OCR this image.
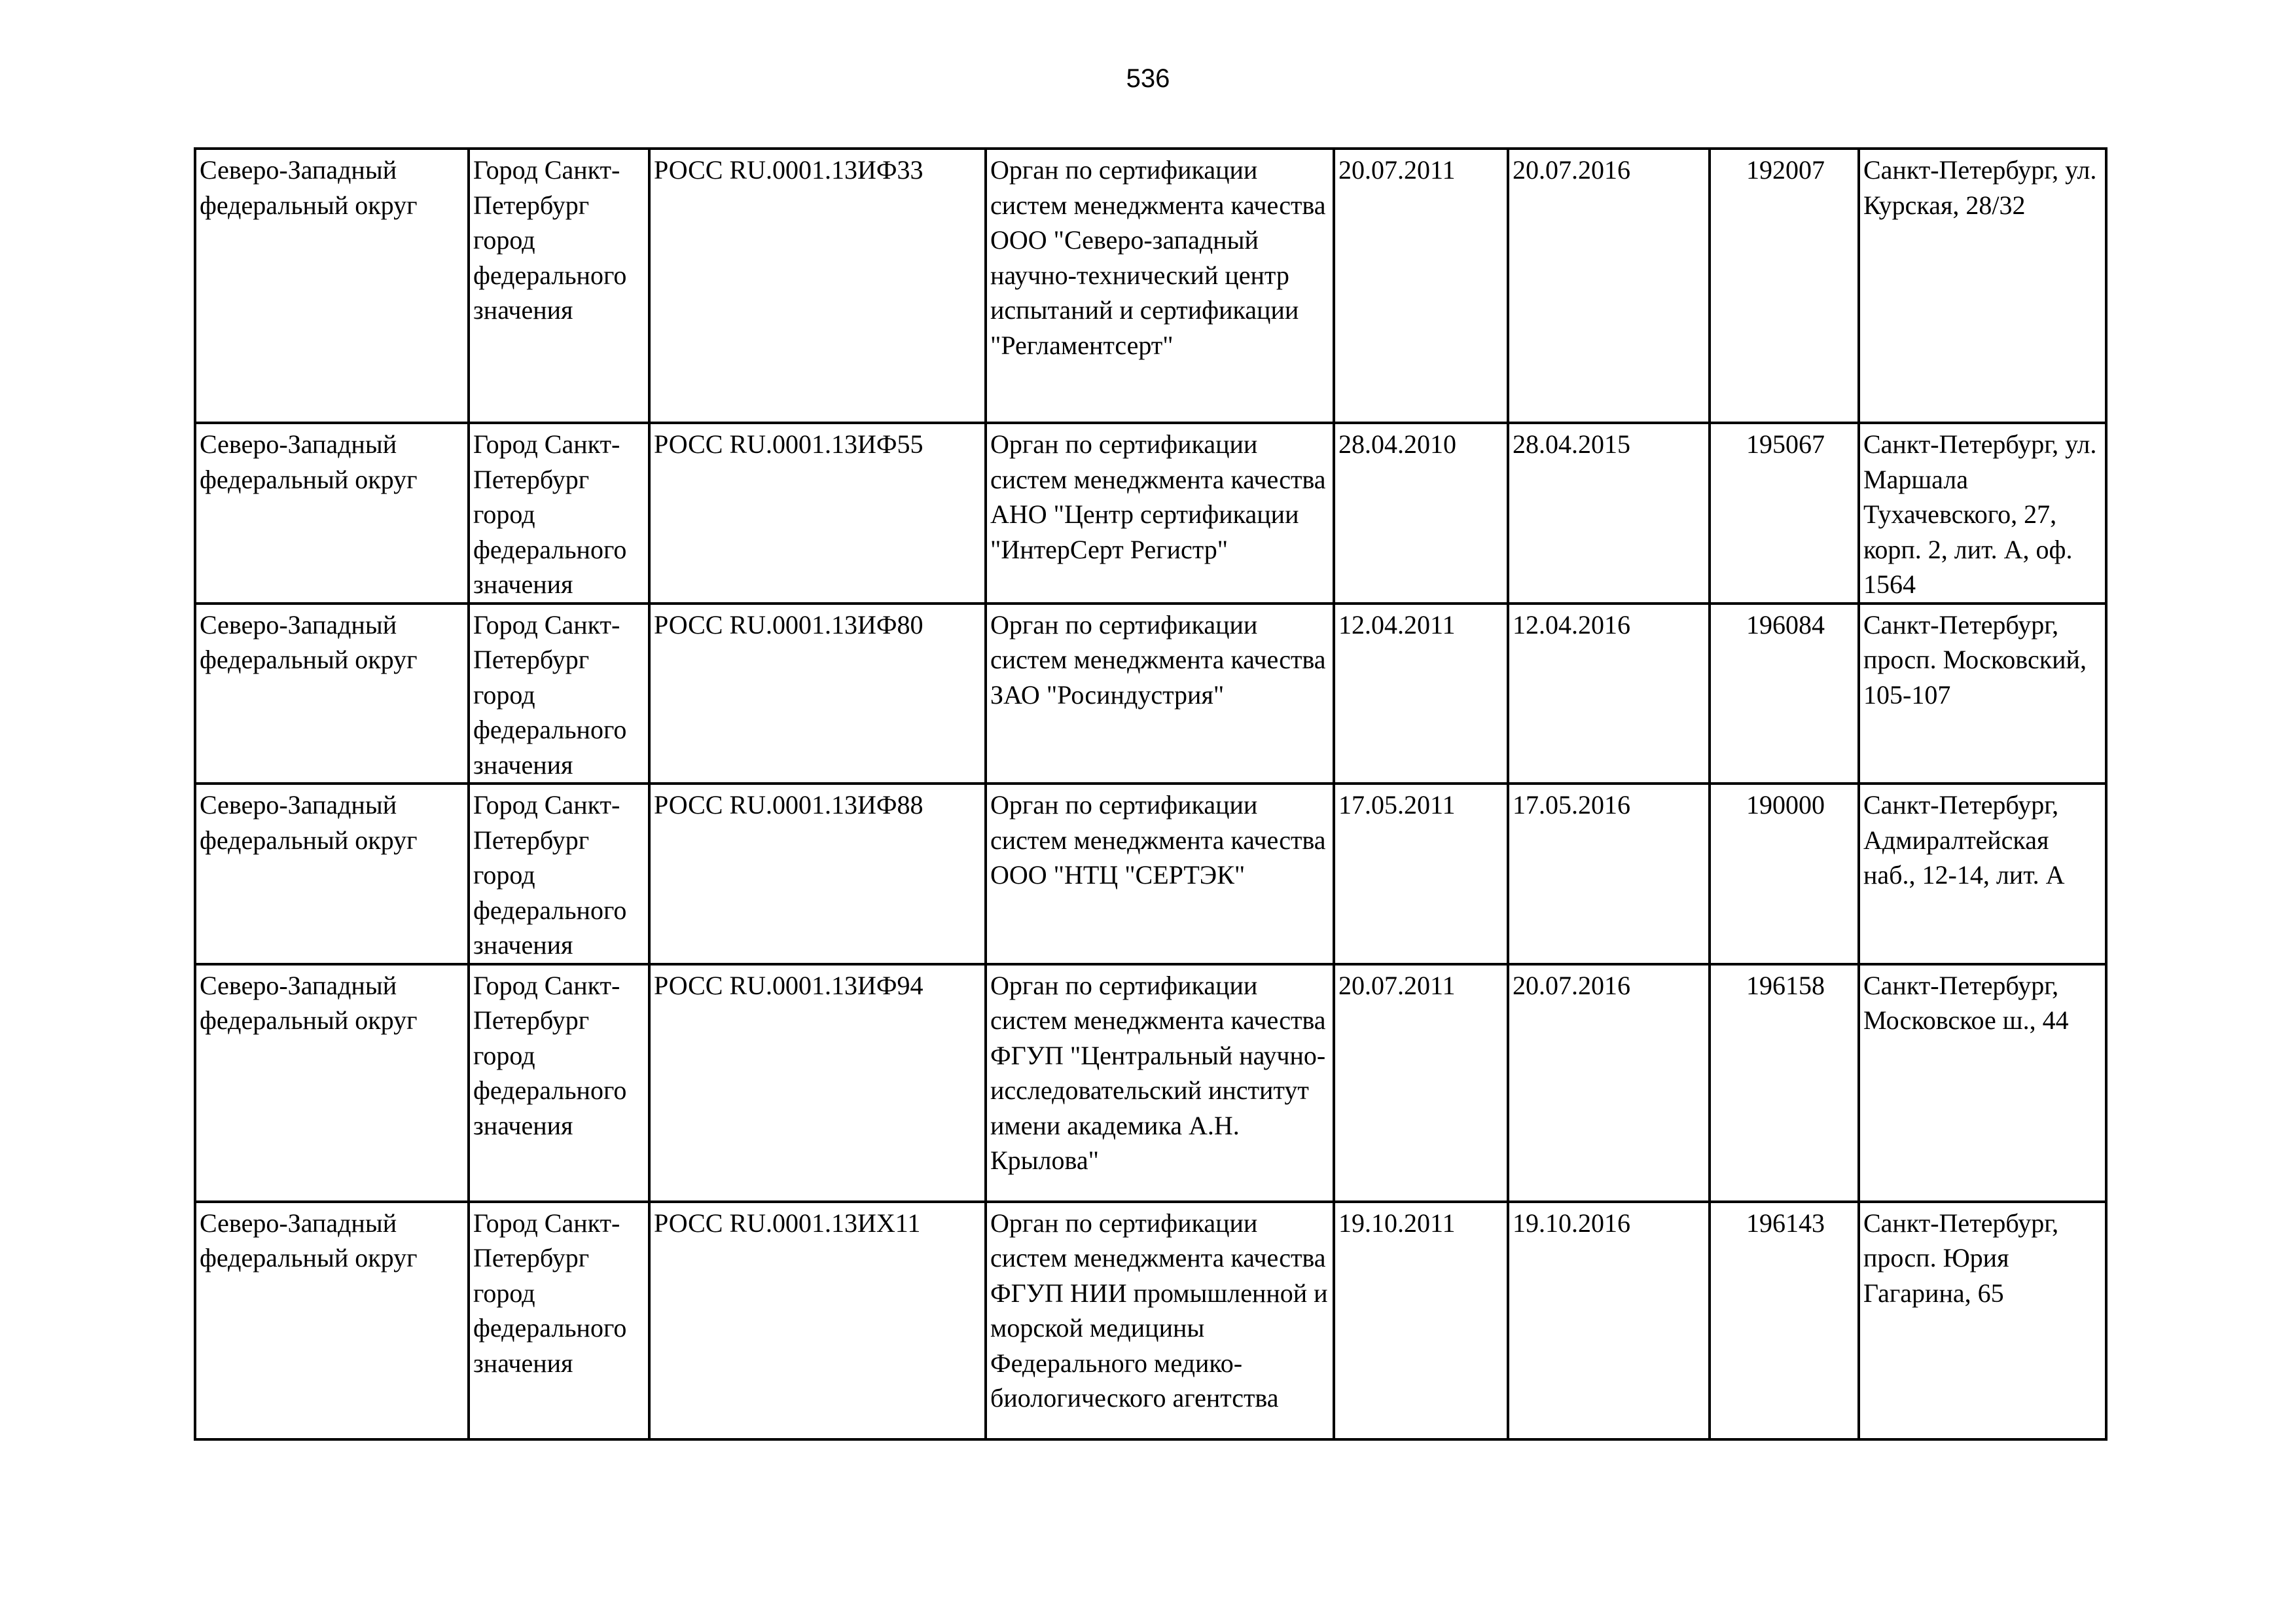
536
Северо-Западный федеральный округ	Город Санкт-Петербург город федерального значения	РОСС RU.0001.13ИФ33	Орган по сертификации систем менеджмента качества ООО "Северо-западный научно-технический центр испытаний и сертификации "Регламентсерт"	20.07.2011	20.07.2016	192007	Санкт-Петербург, ул. Курская, 28/32
Северо-Западный федеральный округ	Город Санкт-Петербург город федерального значения	РОСС RU.0001.13ИФ55	Орган по сертификации систем менеджмента качества АНО "Центр сертификации "ИнтерСерт Регистр"	28.04.2010	28.04.2015	195067	Санкт-Петербург, ул. Маршала Тухачевского, 27, корп. 2, лит. А, оф. 1564
Северо-Западный федеральный округ	Город Санкт-Петербург город федерального значения	РОСС RU.0001.13ИФ80	Орган по сертификации систем менеджмента качества ЗАО "Росиндустрия"	12.04.2011	12.04.2016	196084	Санкт-Петербург, просп. Московский, 105-107
Северо-Западный федеральный округ	Город Санкт-Петербург город федерального значения	РОСС RU.0001.13ИФ88	Орган по сертификации систем менеджмента качества ООО "НТЦ "СЕРТЭК"	17.05.2011	17.05.2016	190000	Санкт-Петербург, Адмиралтейская наб., 12-14, лит. А
Северо-Западный федеральный округ	Город Санкт-Петербург город федерального значения	РОСС RU.0001.13ИФ94	Орган по сертификации систем менеджмента качества ФГУП "Центральный научно-исследовательский институт имени академика А.Н. Крылова"	20.07.2011	20.07.2016	196158	Санкт-Петербург, Московское ш., 44
Северо-Западный федеральный округ	Город Санкт-Петербург город федерального значения	РОСС RU.0001.13ИХ11	Орган по сертификации систем менеджмента качества ФГУП НИИ промышленной и морской медицины Федерального медико-биологического агентства	19.10.2011	19.10.2016	196143	Санкт-Петербург, просп. Юрия Гагарина, 65
